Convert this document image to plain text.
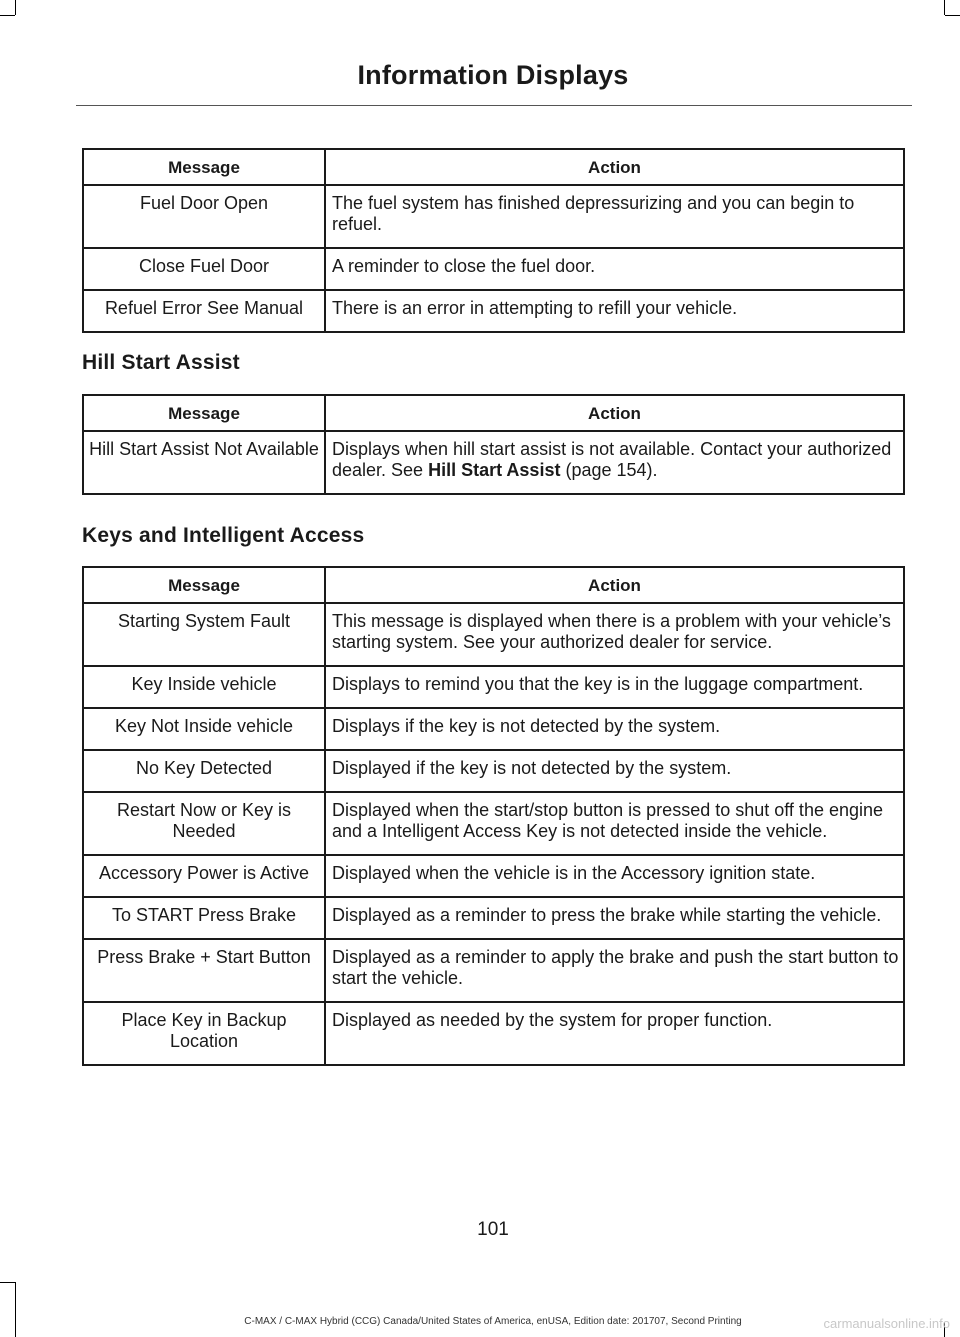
Information Displays
Message	Action
Fuel Door Open	The fuel system has finished depressurizing and you can begin to refuel.
Close Fuel Door	A reminder to close the fuel door.
Refuel Error See Manual	There is an error in attempting to refill your vehicle.
Hill Start Assist
Message	Action
Hill Start Assist Not Available	Displays when hill start assist is not available. Contact your authorized dealer. See Hill Start Assist (page 154).
Keys and Intelligent Access
Message	Action
Starting System Fault	This message is displayed when there is a problem with your vehicle’s starting system. See your authorized dealer for service.
Key Inside vehicle	Displays to remind you that the key is in the luggage compartment.
Key Not Inside vehicle	Displays if the key is not detected by the system.
No Key Detected	Displayed if the key is not detected by the system.
Restart Now or Key is Needed	Displayed when the start/stop button is pressed to shut off the engine and a Intelligent Access Key is not detected inside the vehicle.
Accessory Power is Active	Displayed when the vehicle is in the Accessory ignition state.
To START Press Brake	Displayed as a reminder to press the brake while starting the vehicle.
Press Brake + Start Button	Displayed as a reminder to apply the brake and push the start button to start the vehicle.
Place Key in Backup Location	Displayed as needed by the system for proper function.
101
C-MAX / C-MAX Hybrid (CCG) Canada/United States of America, enUSA, Edition date: 201707, Second Printing	carmanualsonline.info
